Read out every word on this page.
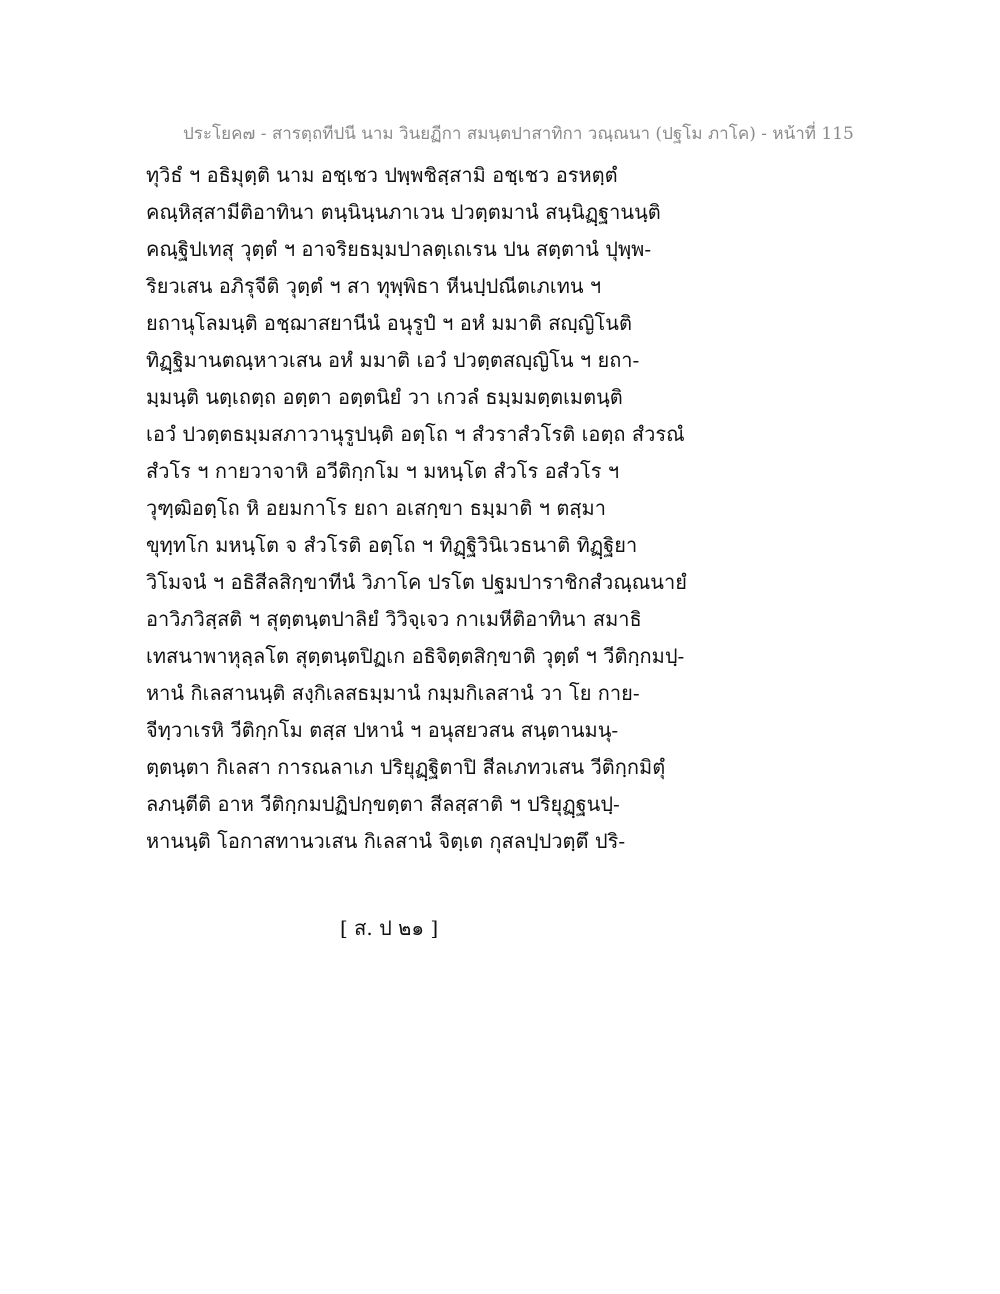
ประโยค๗ - สารตฺถทีปนี นาม วินยฏีกา สมนฺตปาสาทิกา วณฺณนา (ปฐโม ภาโค) - หน้าที่ 115
ทุวิธํ ฯ อธิมุตฺติ นาม อชฺเชว ปพฺพชิสฺสามิ อชฺเชว อรหตฺตํ
คณฺหิสฺสามีติอาทินา ตนฺนินฺนภาเวน ปวตฺตมานํ สนฺนิฏฺฐานนฺติ
คณฺฐิปเทสุ วุตฺตํ ฯ อาจริยธมฺมปาลตฺเถเรน ปน สตฺตานํ ปุพฺพ-
ริยวเสน อภิรุจีติ วุตฺตํ ฯ สา ทุพฺพิธา หีนปฺปณีตเภเทน ฯ
ยถานุโลมนฺติ อชฺฌาสยานีนํ อนุรูปํ ฯ อหํ มมาติ สญฺญิโนติ
ทิฏฺฐิมานตณฺหาวเสน อหํ มมาติ เอวํ ปวตฺตสญฺญิโน ฯ ยถา-
มฺมนฺติ นตฺเถตฺถ อตฺตา อตฺตนิยํ วา เกวลํ ธมฺมมตฺตเมตนฺติ
เอวํ ปวตฺตธมฺมสภาวานุรูปนฺติ อตฺโถ ฯ สํวราสํวโรติ เอตฺถ สํวรณํ
สํวโร ฯ กายวาจาหิ อวีติกฺกโม ฯ มหนฺโต สํวโร อสํวโร ฯ
วุฑฺฒิอตฺโถ หิ อยมกาโร ยถา อเสกฺขา ธมฺมาติ ฯ ตสฺมา
ขุทฺทโก มหนฺโต จ สํวโรติ อตฺโถ ฯ ทิฏฺฐิวินิเวธนาติ ทิฏฺฐิยา
วิโมจนํ ฯ อธิสีลสิกฺขาทีนํ วิภาโค ปรโต ปฐมปาราชิกสํวณฺณนายํ
อาวิภวิสฺสติ ฯ สุตฺตนฺตปาลิยํ วิวิจฺเจว กาเมหีติอาทินา สมาธิ
เทสนาพาหุลฺลโต สุตฺตนฺตปิฏเก อธิจิตฺตสิกฺขาติ วุตฺตํ ฯ วีติกฺกมปฺ-
หานํ กิเลสานนฺติ สงฺกิเลสธมฺมานํ กมฺมกิเลสานํ วา โย กาย-
จีทฺวาเรหิ วีติกฺกโม ตสฺส ปหานํ ฯ อนุสยวสน สนฺตานมนุ-
ตฺตนฺตา กิเลสา การณลาเภ ปริยุฏฺฐิตาปิ สีลเภทวเสน วีติกฺกมิตุํ
ลภนฺตีติ อาห วีติกฺกมปฏิปกฺขตฺตา สีลสฺสาติ ฯ ปริยุฏฺฐนปฺ-
หานนฺติ โอกาสทานวเสน กิเลสานํ จิตฺเต กุสลปฺปวตฺตึ ปริ-
[ ส. ป ๒๑ ]
